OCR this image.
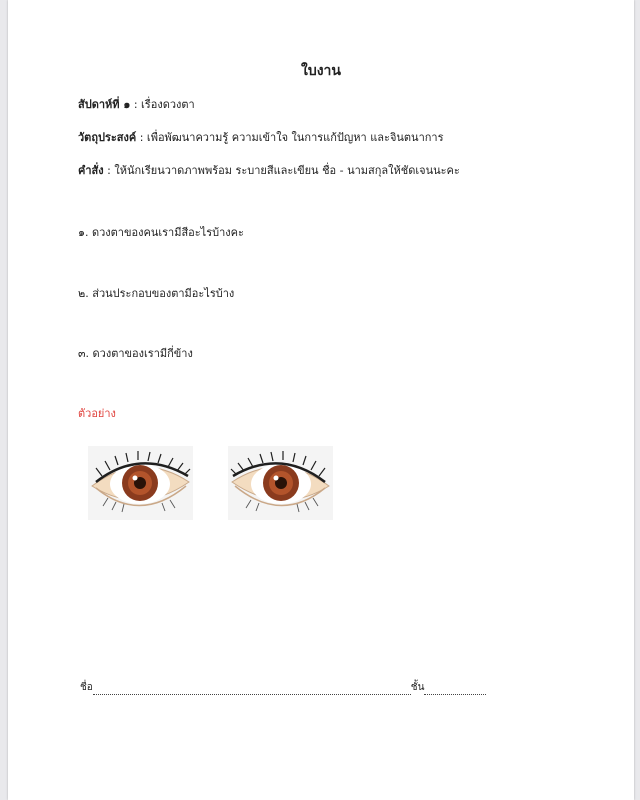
ใบงาน
สัปดาห์ที่ ๑ : เรื่องดวงตา
วัตถุประสงค์ : เพื่อพัฒนาความรู้ ความเข้าใจ ในการแก้ปัญหา และจินตนาการ
คำสั่ง : ให้นักเรียนวาดภาพพร้อม ระบายสีและเขียน ชื่อ - นามสกุลให้ชัดเจนนะคะ
๑. ดวงตาของคนเรามีสีอะไรบ้างคะ
๒. ส่วนประกอบของตามีอะไรบ้าง
๓. ดวงตาของเรามีกี่ข้าง
ตัวอย่าง
ชื่อ	ชั้น
